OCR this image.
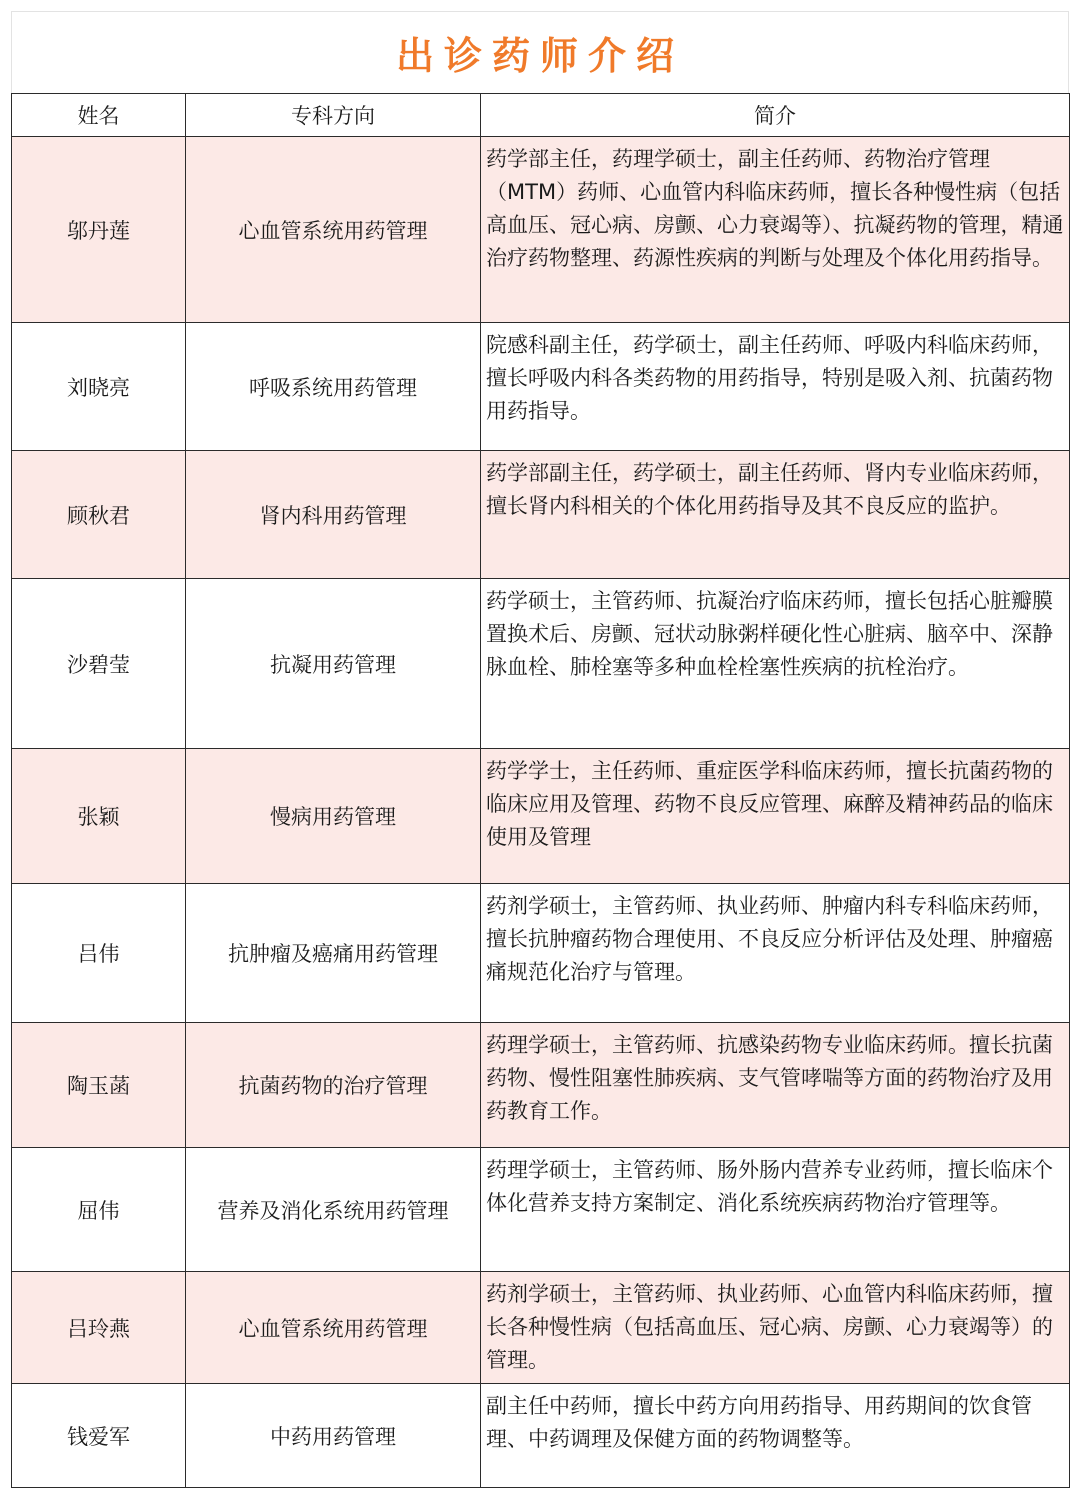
出诊药师介绍
姓名	专科方向	简介
邬丹莲	心血管系统用药管理	药学部主任，药理学硕士，副主任药师、药物治疗管理（MTM）药师、心血管内科临床药师，擅长各种慢性病（包括高血压、冠心病、房颤、心力衰竭等）、抗凝药物的管理，精通治疗药物整理、药源性疾病的判断与处理及个体化用药指导。
刘晓亮	呼吸系统用药管理	院感科副主任，药学硕士，副主任药师、呼吸内科临床药师，擅长呼吸内科各类药物的用药指导，特别是吸入剂、抗菌药物用药指导。
顾秋君	肾内科用药管理	药学部副主任，药学硕士，副主任药师、肾内专业临床药师，擅长肾内科相关的个体化用药指导及其不良反应的监护。
沙碧莹	抗凝用药管理	药学硕士，主管药师、抗凝治疗临床药师，擅长包括心脏瓣膜置换术后、房颤、冠状动脉粥样硬化性心脏病、脑卒中、深静脉血栓、肺栓塞等多种血栓栓塞性疾病的抗栓治疗。
张颖	慢病用药管理	药学学士，主任药师、重症医学科临床药师，擅长抗菌药物的临床应用及管理、药物不良反应管理、麻醉及精神药品的临床使用及管理
吕伟	抗肿瘤及癌痛用药管理	药剂学硕士，主管药师、执业药师、肿瘤内科专科临床药师，擅长抗肿瘤药物合理使用、不良反应分析评估及处理、肿瘤癌痛规范化治疗与管理。
陶玉菡	抗菌药物的治疗管理	药理学硕士，主管药师、抗感染药物专业临床药师。擅长抗菌药物、慢性阻塞性肺疾病、支气管哮喘等方面的药物治疗及用药教育工作。
屈伟	营养及消化系统用药管理	药理学硕士，主管药师、肠外肠内营养专业药师，擅长临床个体化营养支持方案制定、消化系统疾病药物治疗管理等。
吕玲燕	心血管系统用药管理	药剂学硕士，主管药师、执业药师、心血管内科临床药师，擅长各种慢性病（包括高血压、冠心病、房颤、心力衰竭等）的管理。
钱爱军	中药用药管理	副主任中药师，擅长中药方向用药指导、用药期间的饮食管理、中药调理及保健方面的药物调整等。
